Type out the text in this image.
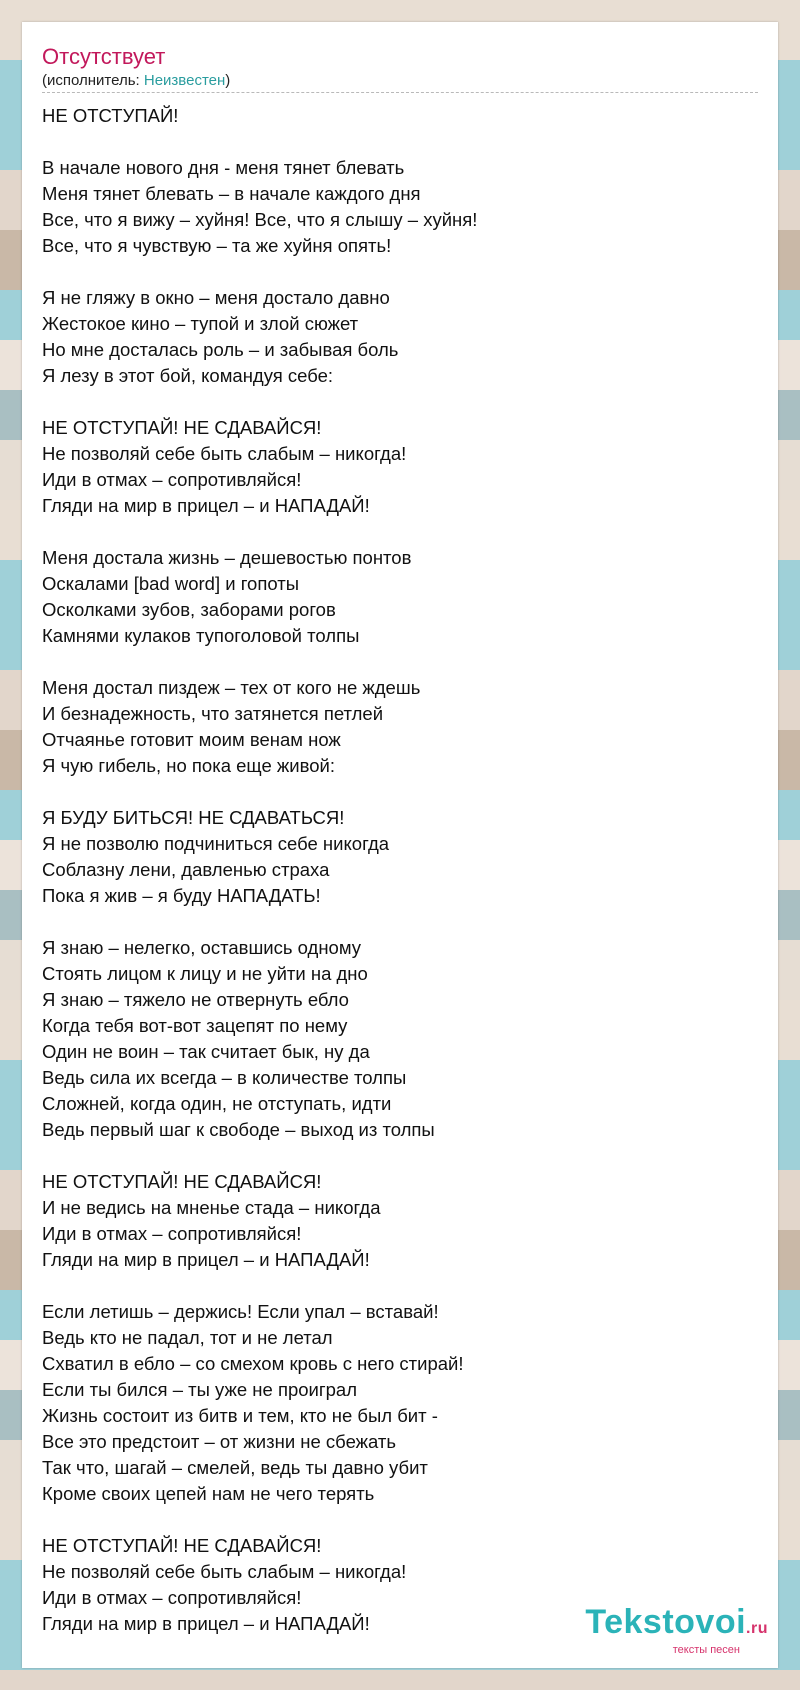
Отсутствует
(исполнитель: Неизвестен)
НЕ ОТСТУПАЙ!
В начале нового дня - меня тянет блевать
Меня тянет блевать – в начале каждого дня
Все, что я вижу – хуйня! Все, что я слышу – хуйня!
Все, что я чувствую – та же хуйня опять!
Я не гляжу в окно – меня достало давно
Жестокое кино – тупой и злой сюжет
Но мне досталась роль – и забывая боль
Я лезу в этот бой, командуя себе:
НЕ ОТСТУПАЙ! НЕ СДАВАЙСЯ!
Не позволяй себе быть слабым – никогда!
Иди в отмах – сопротивляйся!
Гляди на мир в прицел – и НАПАДАЙ!
Меня достала жизнь – дешевостью понтов
Оскалами [bad word] и гопоты
Осколками зубов, заборами рогов
Камнями кулаков тупоголовой толпы
Меня достал пиздеж – тех от кого не ждешь
И безнадежность, что затянется петлей
Отчаянье готовит моим венам нож
Я чую гибель, но пока еще живой:
Я БУДУ БИТЬСЯ! НЕ СДАВАТЬСЯ!
Я не позволю подчиниться себе никогда
Соблазну лени, давленью страха
Пока я жив – я буду НАПАДАТЬ!
Я знаю – нелегко, оставшись одному
Стоять лицом к лицу и не уйти на дно
Я знаю – тяжело не отвернуть ебло
Когда тебя вот-вот зацепят по нему
Один не воин – так считает бык, ну да
Ведь сила их всегда – в количестве толпы
Сложней, когда один, не отступать, идти
Ведь первый шаг к свободе – выход из толпы
НЕ ОТСТУПАЙ! НЕ СДАВАЙСЯ!
И не ведись на мненье стада – никогда
Иди в отмах – сопротивляйся!
Гляди на мир в прицел – и НАПАДАЙ!
Если летишь – держись! Если упал – вставай!
Ведь кто не падал, тот и не летал
Схватил в ебло – со смехом кровь с него стирай!
Если ты бился – ты уже не проиграл
Жизнь состоит из битв и тем, кто не был бит -
Все это предстоит – от жизни не сбежать
Так что, шагай – смелей, ведь ты давно убит
Кроме своих цепей нам не чего терять
НЕ ОТСТУПАЙ! НЕ СДАВАЙСЯ!
Не позволяй себе быть слабым – никогда!
Иди в отмах – сопротивляйся!
Гляди на мир в прицел – и НАПАДАЙ!	Tekstovoi.ru
тексты песен
